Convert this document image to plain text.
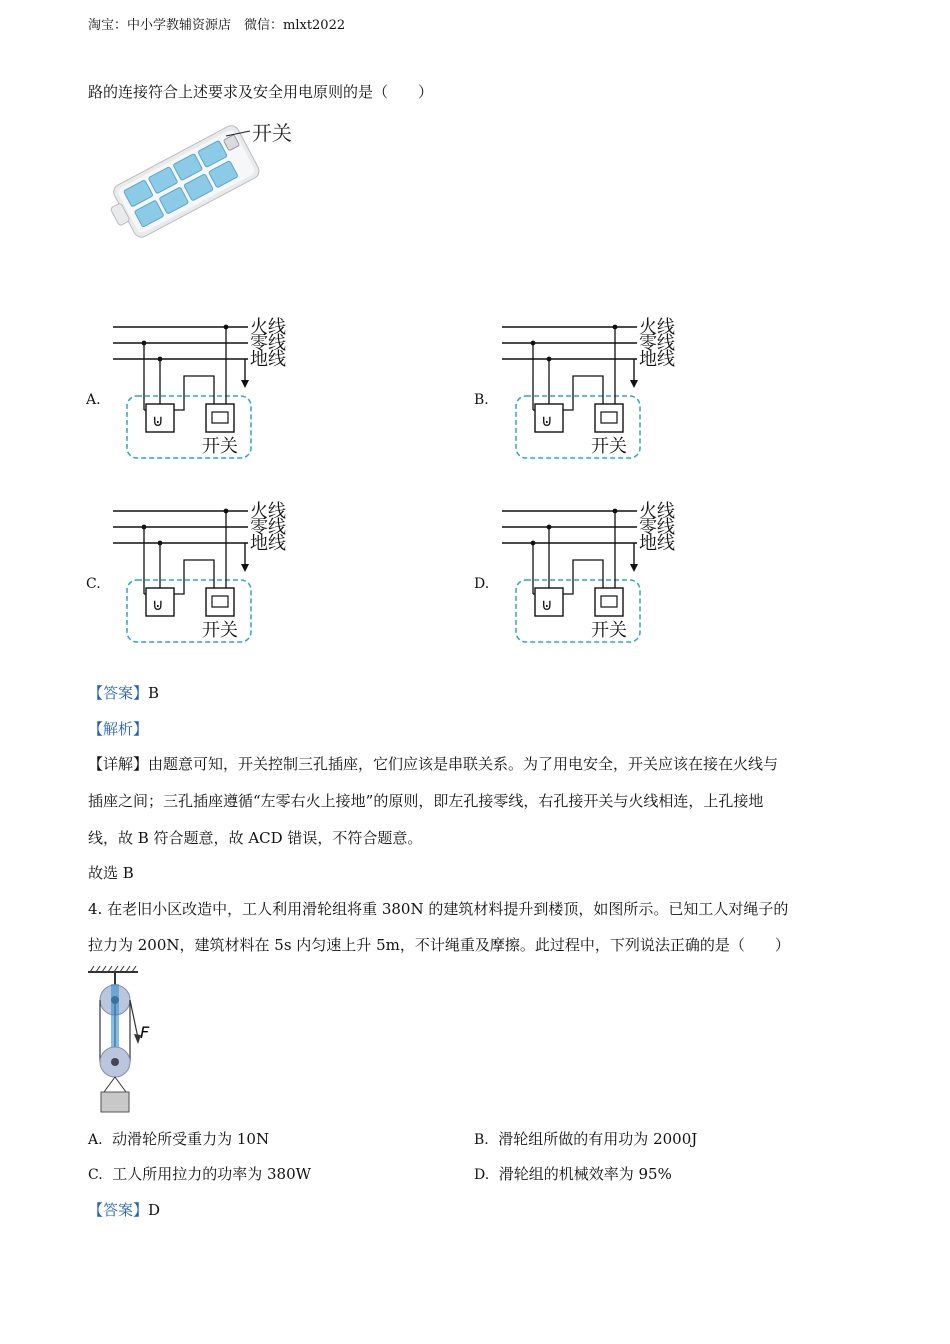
淘宝：中小学教辅资源店　微信：mlxt2022
路的连接符合上述要求及安全用电原则的是（　　）
开关
A.	B.
C.	D.
火线
零线
地线
⊍
开关
火线
零线
地线
⊍
开关
火线
零线
地线
⊍
开关
火线
零线
地线
⊍
开关
【答案】B
【解析】
【详解】由题意可知，开关控制三孔插座，它们应该是串联关系。为了用电安全，开关应该在接在火线与
插座之间；三孔插座遵循“左零右火上接地”的原则，即左孔接零线，右孔接开关与火线相连，上孔接地
线，故 B 符合题意，故 ACD 错误，不符合题意。
故选 B
4. 在老旧小区改造中，工人利用滑轮组将重 380N 的建筑材料提升到楼顶，如图所示。已知工人对绳子的
拉力为 200N，建筑材料在 5s 内匀速上升 5m，不计绳重及摩擦。此过程中，下列说法正确的是（　　）
F
A. 动滑轮所受重力为 10N	B. 滑轮组所做的有用功为 2000J
C. 工人所用拉力的功率为 380W	D. 滑轮组的机械效率为 95%
【答案】D
